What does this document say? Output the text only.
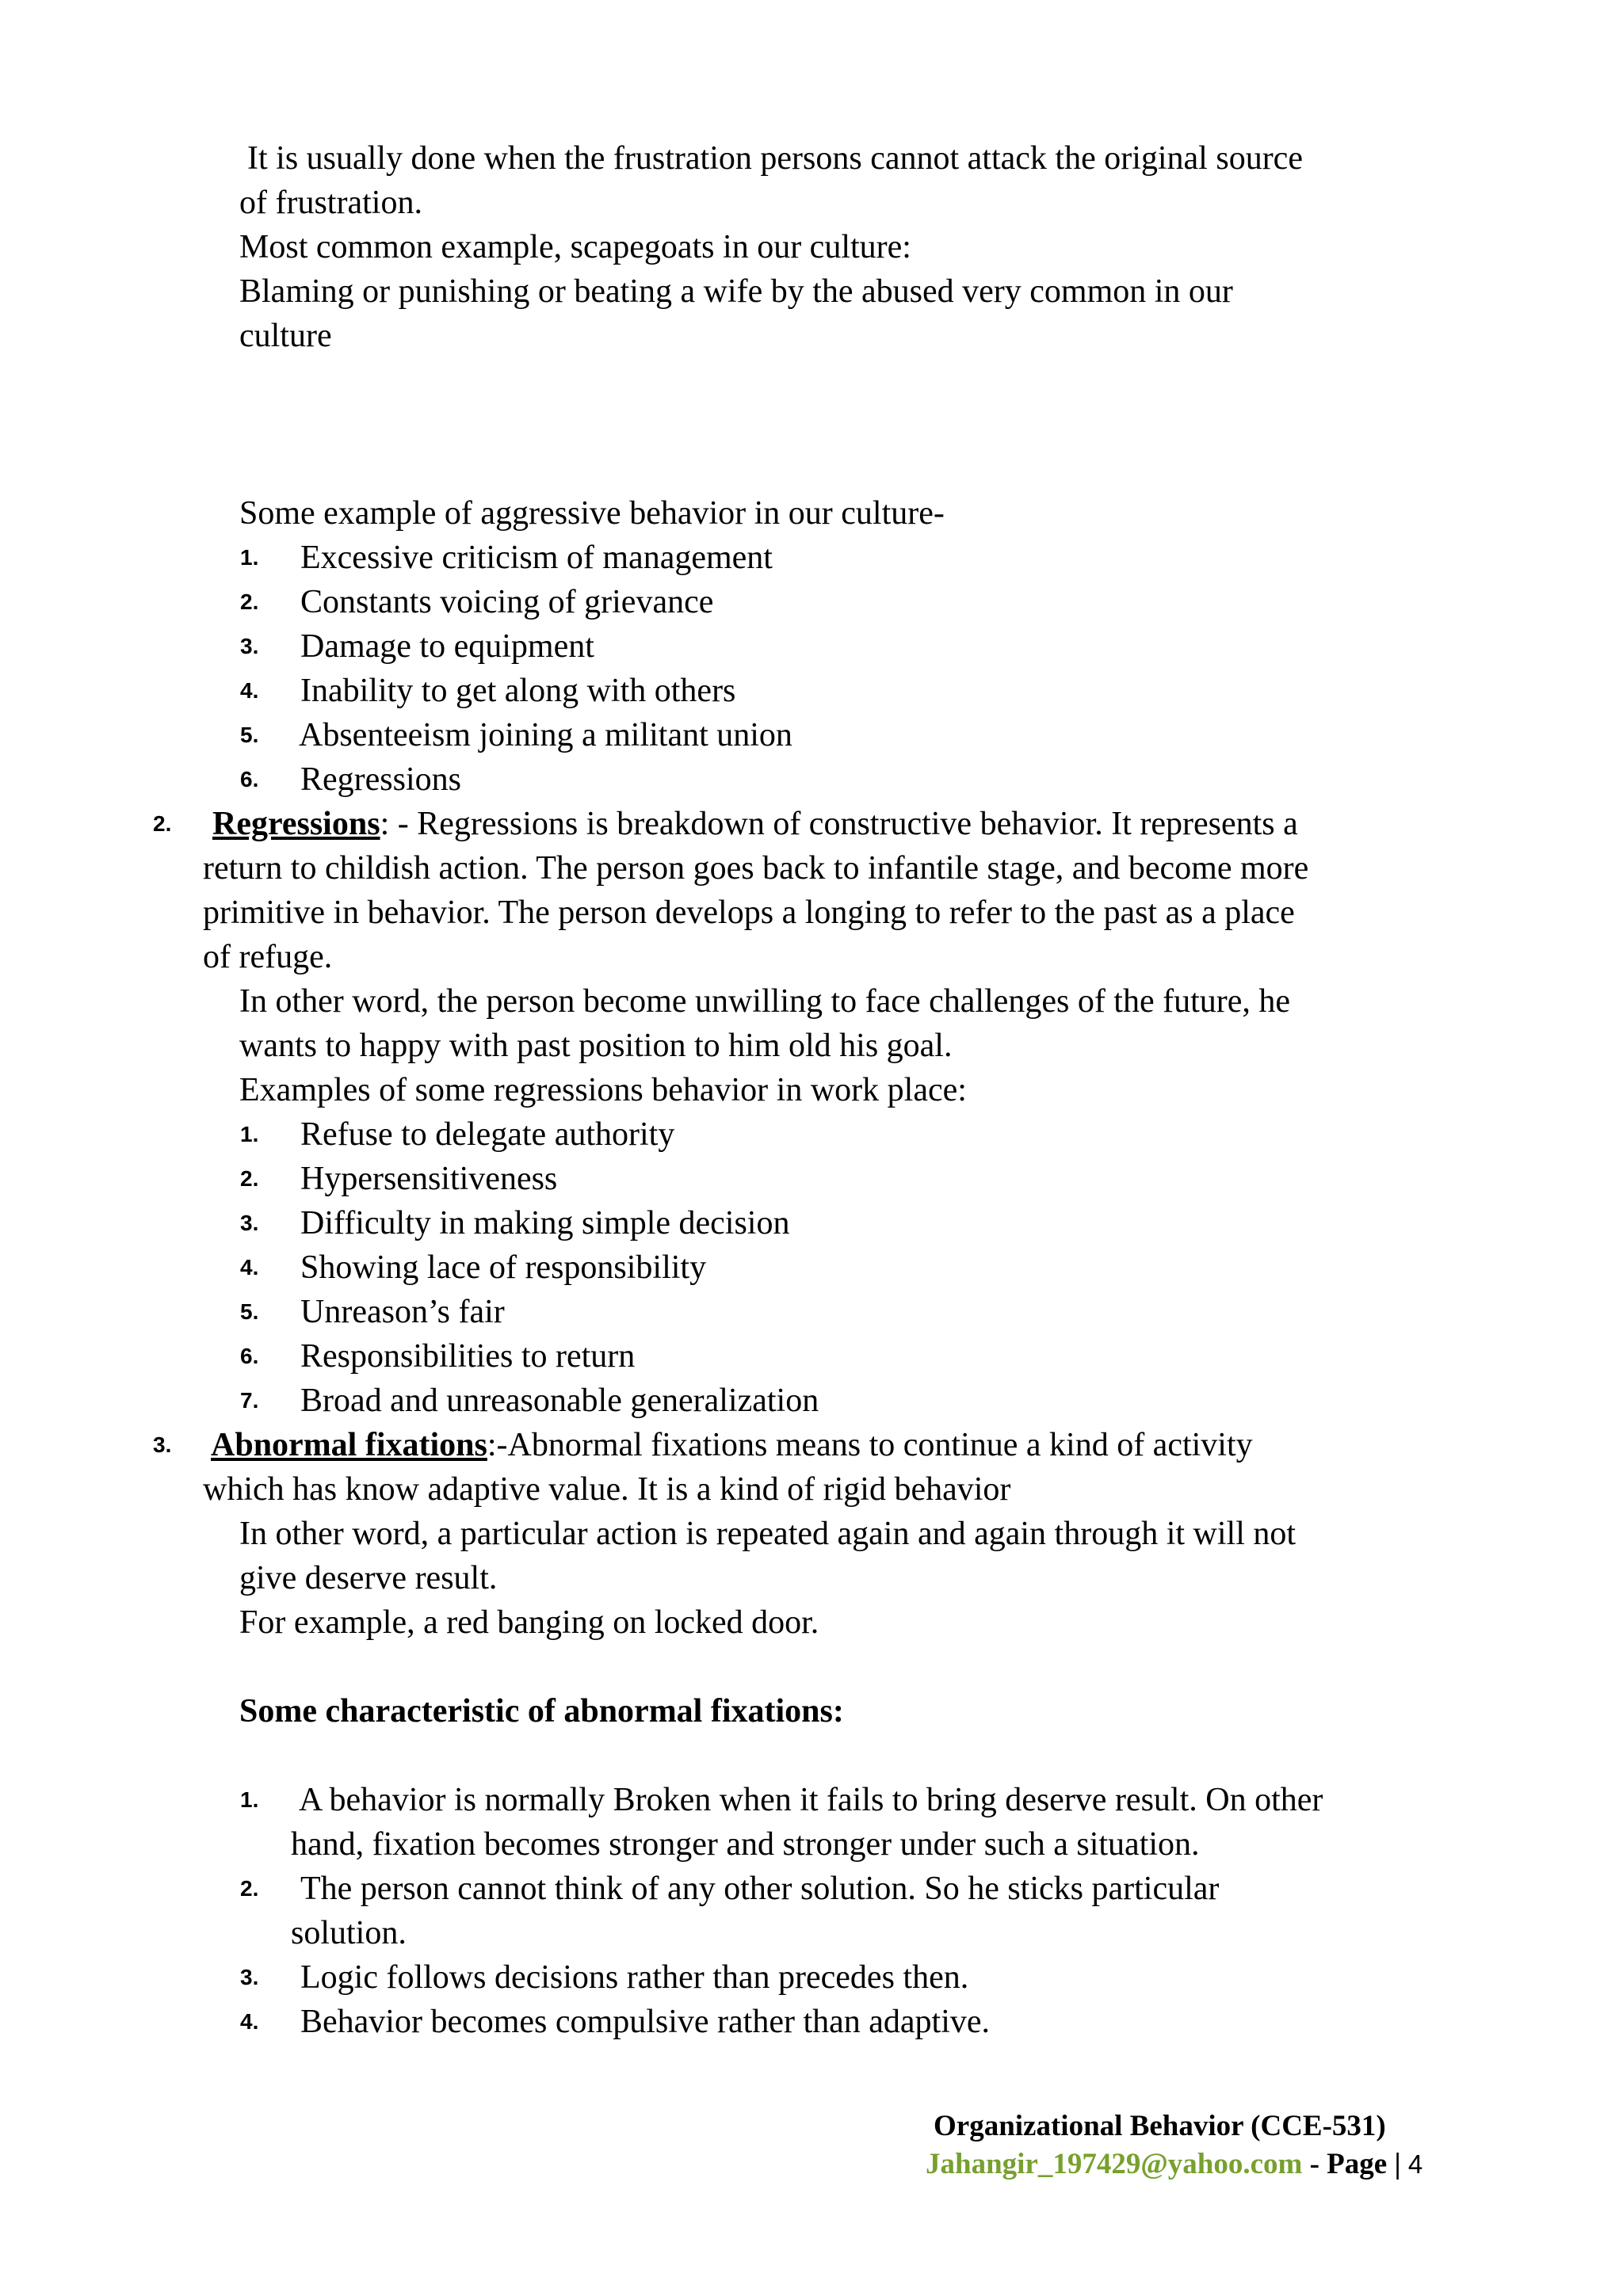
It is usually done when the frustration persons cannot attack the original source

of frustration.

Most common example, scapegoats in our culture:

Blaming or punishing or beating a wife by the abused very common in our

culture

Some example of aggressive behavior in our culture-

1. Excessive criticism of management
2. Constants voicing of grievance
3. Damage to equipment
4. Inability to get along with others
5. Absenteeism joining a militant union
6. Regressions
2. Regressions: - Regressions is breakdown of constructive behavior. It represents a

return to childish action. The person goes back to infantile stage, and become more

primitive in behavior. The person develops a longing to refer to the past as a place

of refuge.

In other word, the person become unwilling to face challenges of the future, he

wants to happy with past position to him old his goal.

Examples of some regressions behavior in work place:

1. Refuse to delegate authority
2. Hypersensitiveness
3. Difficulty in making simple decision
4. Showing lace of responsibility
5. Unreason’s fair
6. Responsibilities to return
7. Broad and unreasonable generalization
3. Abnormal fixations:-Abnormal fixations means to continue a kind of activity

which has know adaptive value. It is a kind of rigid behavior

In other word, a particular action is repeated again and again through it will not

give deserve result.

For example, a red banging on locked door.

Some characteristic of abnormal fixations:

1. A behavior is normally Broken when it fails to bring deserve result. On other
hand, fixation becomes stronger and stronger under such a situation.
2. The person cannot think of any other solution. So he sticks particular
solution.
3. Logic follows decisions rather than precedes then.
4. Behavior becomes compulsive rather than adaptive.
Organizational Behavior (CCE-531)
Jahangir_197429@yahoo.com - Page | 4
